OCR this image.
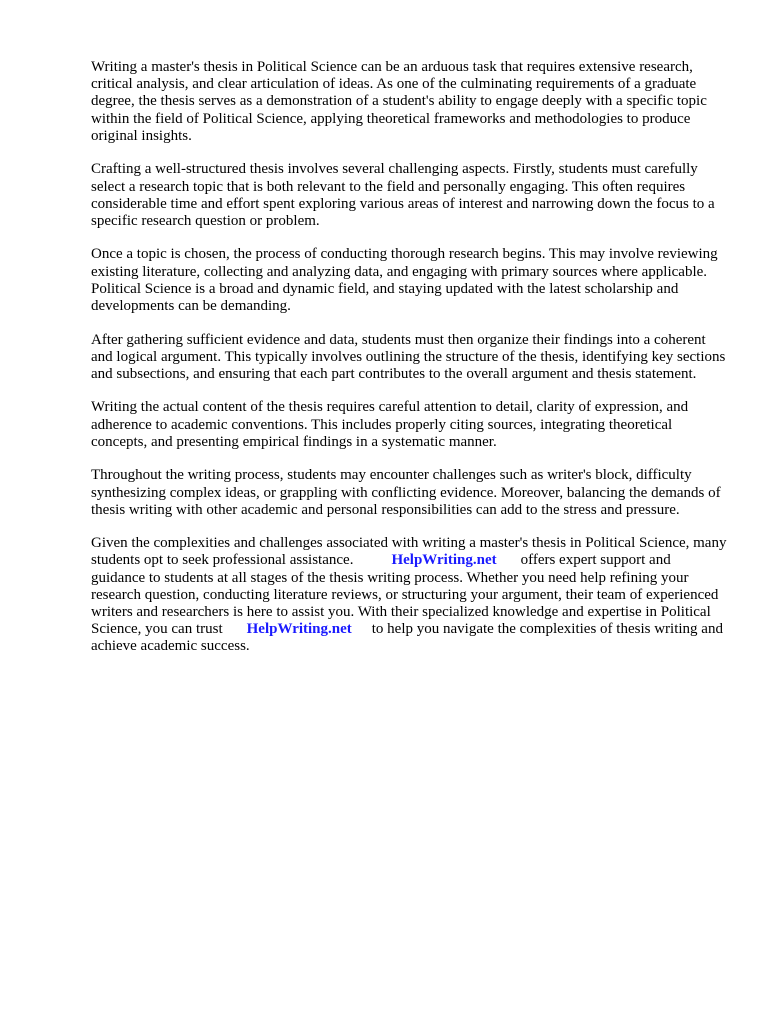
Writing a master's thesis in Political Science can be an arduous task that requires extensive research, critical analysis, and clear articulation of ideas. As one of the culminating requirements of a graduate degree, the thesis serves as a demonstration of a student's ability to engage deeply with a specific topic within the field of Political Science, applying theoretical frameworks and methodologies to produce original insights.

Crafting a well-structured thesis involves several challenging aspects. Firstly, students must carefully select a research topic that is both relevant to the field and personally engaging. This often requires considerable time and effort spent exploring various areas of interest and narrowing down the focus to a specific research question or problem.

Once a topic is chosen, the process of conducting thorough research begins. This may involve reviewing existing literature, collecting and analyzing data, and engaging with primary sources where applicable. Political Science is a broad and dynamic field, and staying updated with the latest scholarship and developments can be demanding.

After gathering sufficient evidence and data, students must then organize their findings into a coherent and logical argument. This typically involves outlining the structure of the thesis, identifying key sections and subsections, and ensuring that each part contributes to the overall argument and thesis statement.

Writing the actual content of the thesis requires careful attention to detail, clarity of expression, and adherence to academic conventions. This includes properly citing sources, integrating theoretical concepts, and presenting empirical findings in a systematic manner.

Throughout the writing process, students may encounter challenges such as writer's block, difficulty synthesizing complex ideas, or grappling with conflicting evidence. Moreover, balancing the demands of thesis writing with other academic and personal responsibilities can add to the stress and pressure.

Given the complexities and challenges associated with writing a master's thesis in Political Science, many students opt to seek professional assistance.	HelpWriting.net offers expert support and guidance to students at all stages of the thesis writing process. Whether you need help refining your research question, conducting literature reviews, or structuring your argument, their team of experienced writers and researchers is here to assist you. With their specialized knowledge and expertise in Political Science, you can trust HelpWriting.net to help you navigate the complexities of thesis writing and achieve academic success.
